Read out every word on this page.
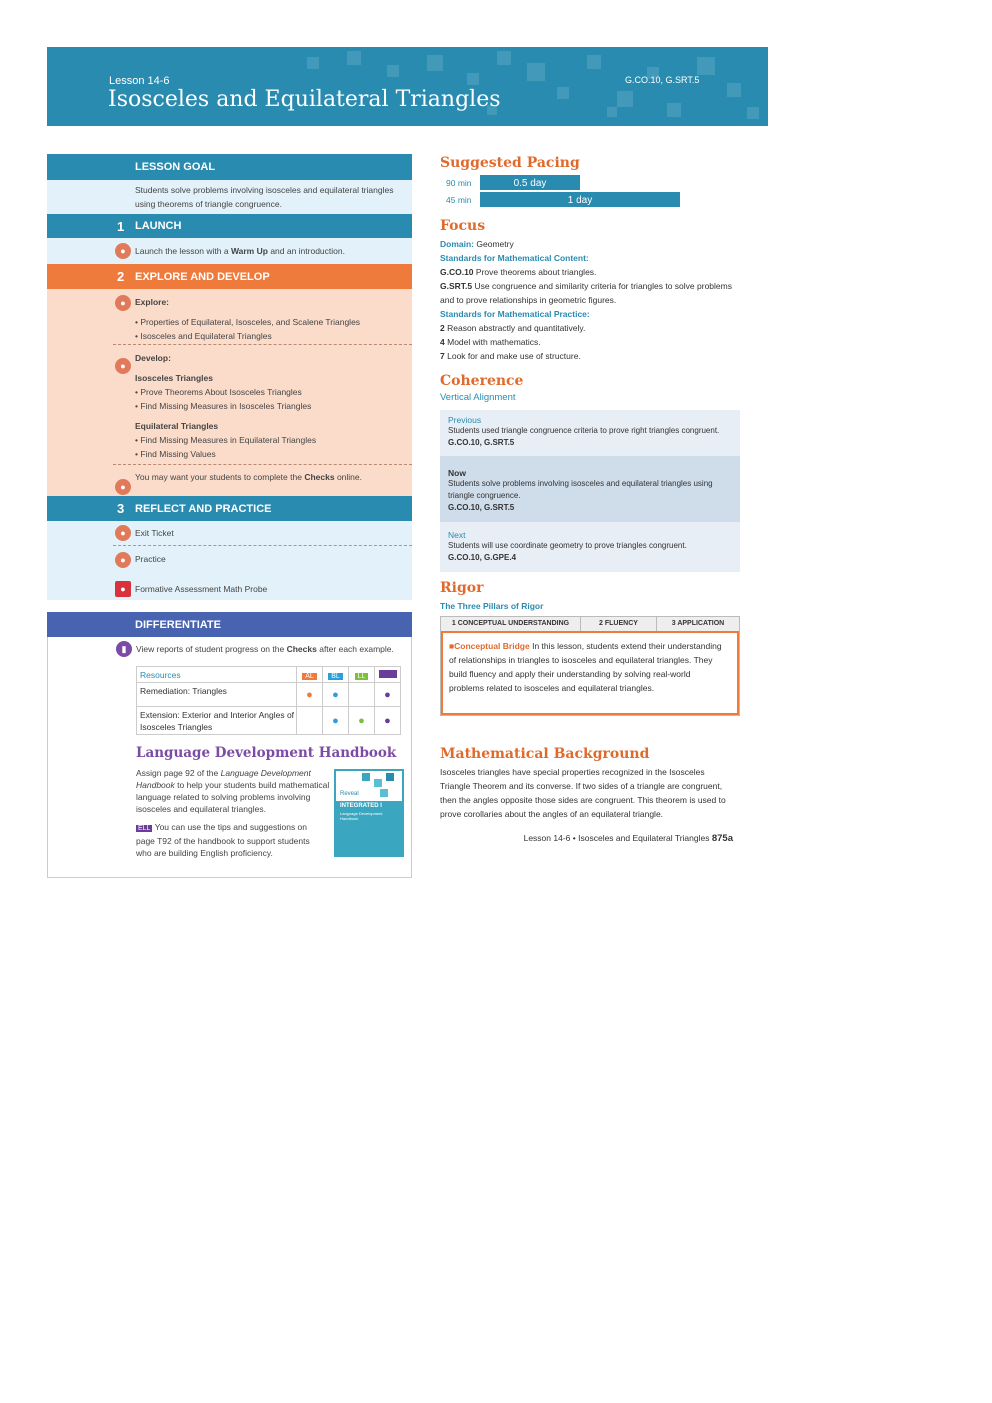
Lesson 14-6
Isosceles and Equilateral Triangles
G.CO.10, G.SRT.5
LESSON GOAL
Students solve problems involving isosceles and equilateral triangles
using theorems of triangle congruence.
1 LAUNCH
●	Launch the lesson with a Warm Up and an introduction.
2 EXPLORE AND DEVELOP
●	Explore:
• Properties of Equilateral, Isosceles, and Scalene Triangles
• Isosceles and Equilateral Triangles
●
Develop:
Isosceles Triangles
• Prove Theorems About Isosceles Triangles
• Find Missing Measures in Isosceles Triangles
Equilateral Triangles
• Find Missing Measures in Equilateral Triangles
• Find Missing Values
●
You may want your students to complete the Checks online.
3 REFLECT AND PRACTICE
●	Exit Ticket
●	Practice
●	Formative Assessment Math Probe
DIFFERENTIATE
▮	View reports of student progress on the Checks after each example.
Resources	AL	BL	LL	
Remediation: Triangles	●	●		●
Extension: Exterior and Interior Angles of Isosceles Triangles		●	●	●
Language Development Handbook
Assign page 92 of the Language Development Handbook to help your students build mathematical language related to solving problems involving isosceles and equilateral triangles.
ELL You can use the tips and suggestions on page T92 of the handbook to support students who are building English proficiency.
Reveal
INTEGRATED I
Language Development Handbook
Suggested Pacing
90 min	0.5 day
45 min	1 day
Focus
Domain: Geometry
Standards for Mathematical Content:
G.CO.10 Prove theorems about triangles.
G.SRT.5 Use congruence and similarity criteria for triangles to solve problems and to prove relationships in geometric figures.
Standards for Mathematical Practice:
2 Reason abstractly and quantitatively.
4 Model with mathematics.
7 Look for and make use of structure.
Coherence
Vertical Alignment
Previous
Students used triangle congruence criteria to prove right triangles congruent.
G.CO.10, G.SRT.5
Now
Students solve problems involving isosceles and equilateral triangles using triangle congruence.
G.CO.10, G.SRT.5
Next
Students will use coordinate geometry to prove triangles congruent.
G.CO.10, G.GPE.4
Rigor
The Three Pillars of Rigor
1 CONCEPTUAL UNDERSTANDING	2 FLUENCY	3 APPLICATION
■Conceptual Bridge In this lesson, students extend their understanding of relationships in triangles to isosceles and equilateral triangles. They build fluency and apply their understanding by solving real-world problems related to isosceles and equilateral triangles.
Mathematical Background
Isosceles triangles have special properties recognized in the Isosceles Triangle Theorem and its converse. If two sides of a triangle are congruent, then the angles opposite those sides are congruent. This theorem is used to prove corollaries about the angles of an equilateral triangle.
Lesson 14-6 • Isosceles and Equilateral Triangles 875a
